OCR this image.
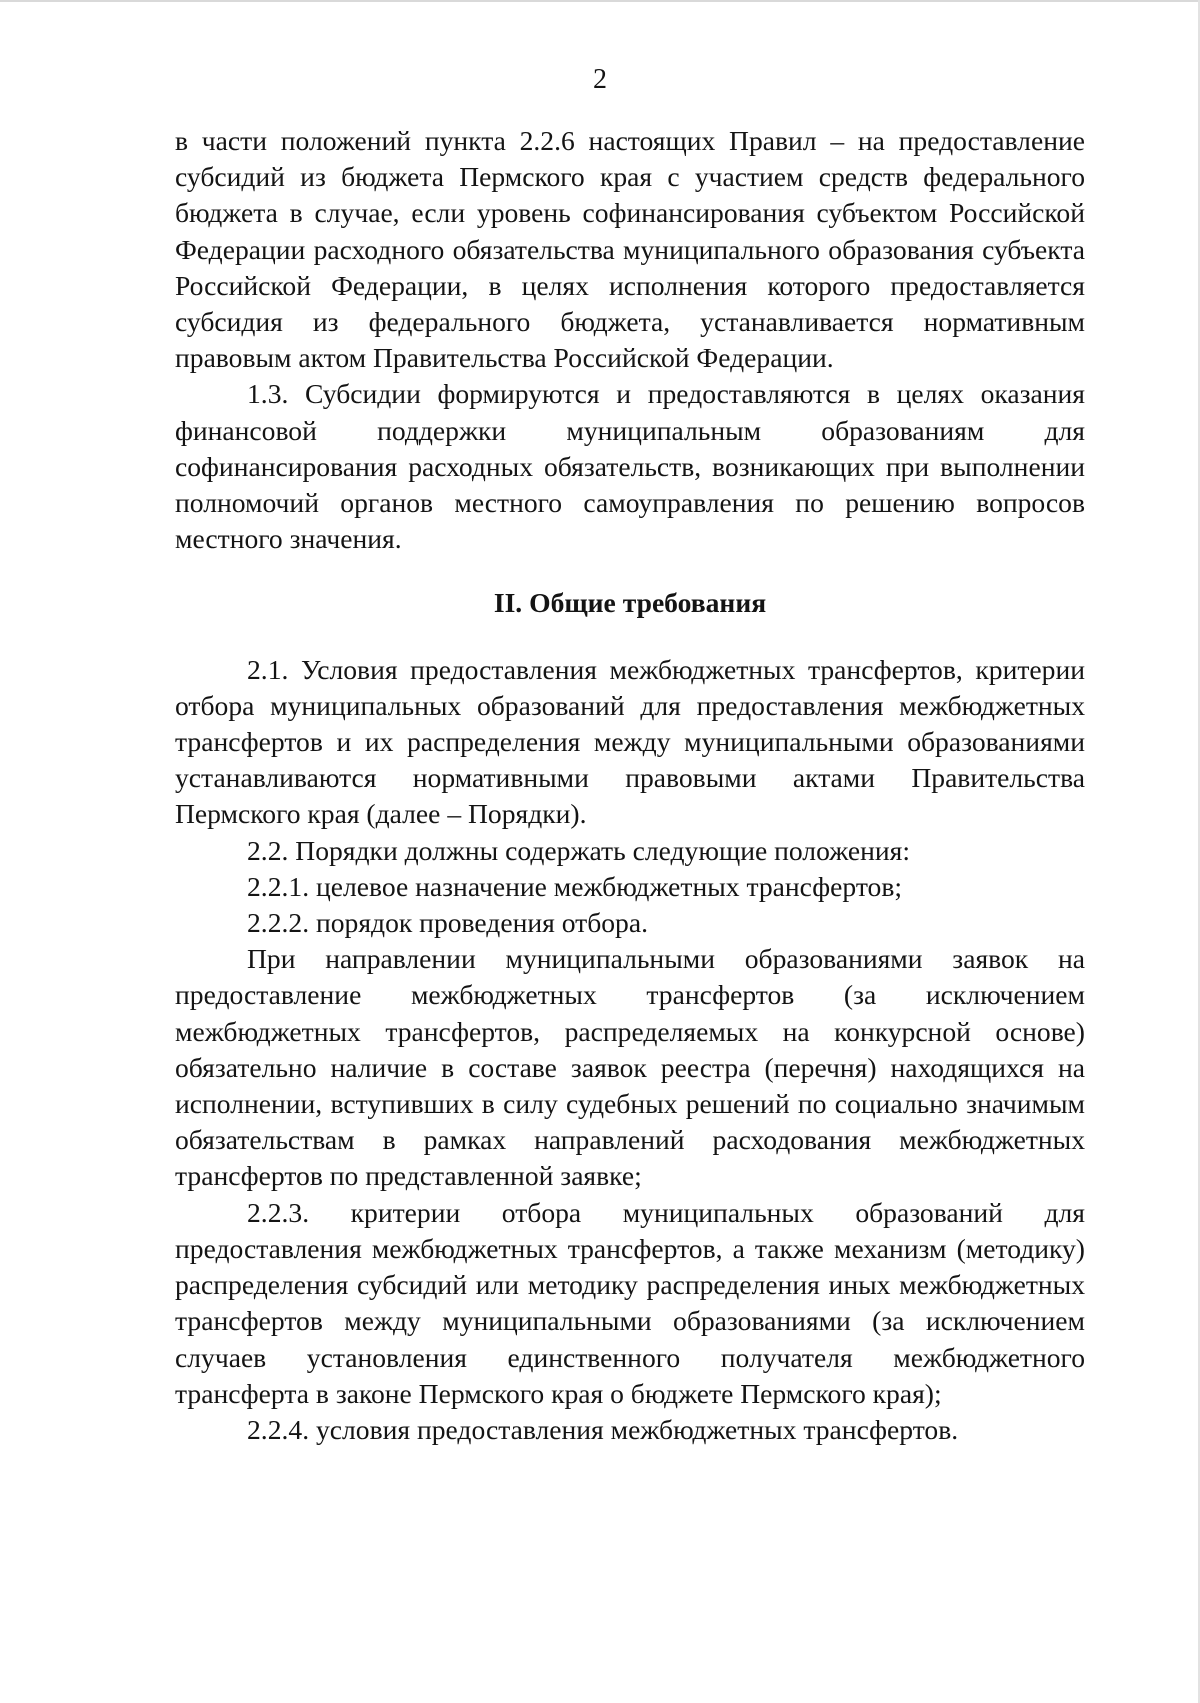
2

в части положений пункта 2.2.6 настоящих Правил – на предоставление субсидий из бюджета Пермского края с участием средств федерального бюджета в случае, если уровень софинансирования субъектом Российской Федерации расходного обязательства муниципального образования субъекта Российской Федерации, в целях исполнения которого предоставляется субсидия из федерального бюджета, устанавливается нормативным правовым актом Правительства Российской Федерации.

1.3. Субсидии формируются и предоставляются в целях оказания финансовой поддержки муниципальным образованиям для софинансирования расходных обязательств, возникающих при выполнении полномочий органов местного самоуправления по решению вопросов местного значения.

II. Общие требования

2.1. Условия предоставления межбюджетных трансфертов, критерии отбора муниципальных образований для предоставления межбюджетных трансфертов и их распределения между муниципальными образованиями устанавливаются нормативными правовыми актами Правительства Пермского края (далее – Порядки).

2.2. Порядки должны содержать следующие положения:

2.2.1. целевое назначение межбюджетных трансфертов;

2.2.2. порядок проведения отбора.

При направлении муниципальными образованиями заявок на предоставление межбюджетных трансфертов (за исключением межбюджетных трансфертов, распределяемых на конкурсной основе) обязательно наличие в составе заявок реестра (перечня) находящихся на исполнении, вступивших в силу судебных решений по социально значимым обязательствам в рамках направлений расходования межбюджетных трансфертов по представленной заявке;

2.2.3. критерии отбора муниципальных образований для предоставления межбюджетных трансфертов, а также механизм (методику) распределения субсидий или методику распределения иных межбюджетных трансфертов между муниципальными образованиями (за исключением случаев установления единственного получателя межбюджетного трансферта в законе Пермского края о бюджете Пермского края);

2.2.4. условия предоставления межбюджетных трансфертов.
